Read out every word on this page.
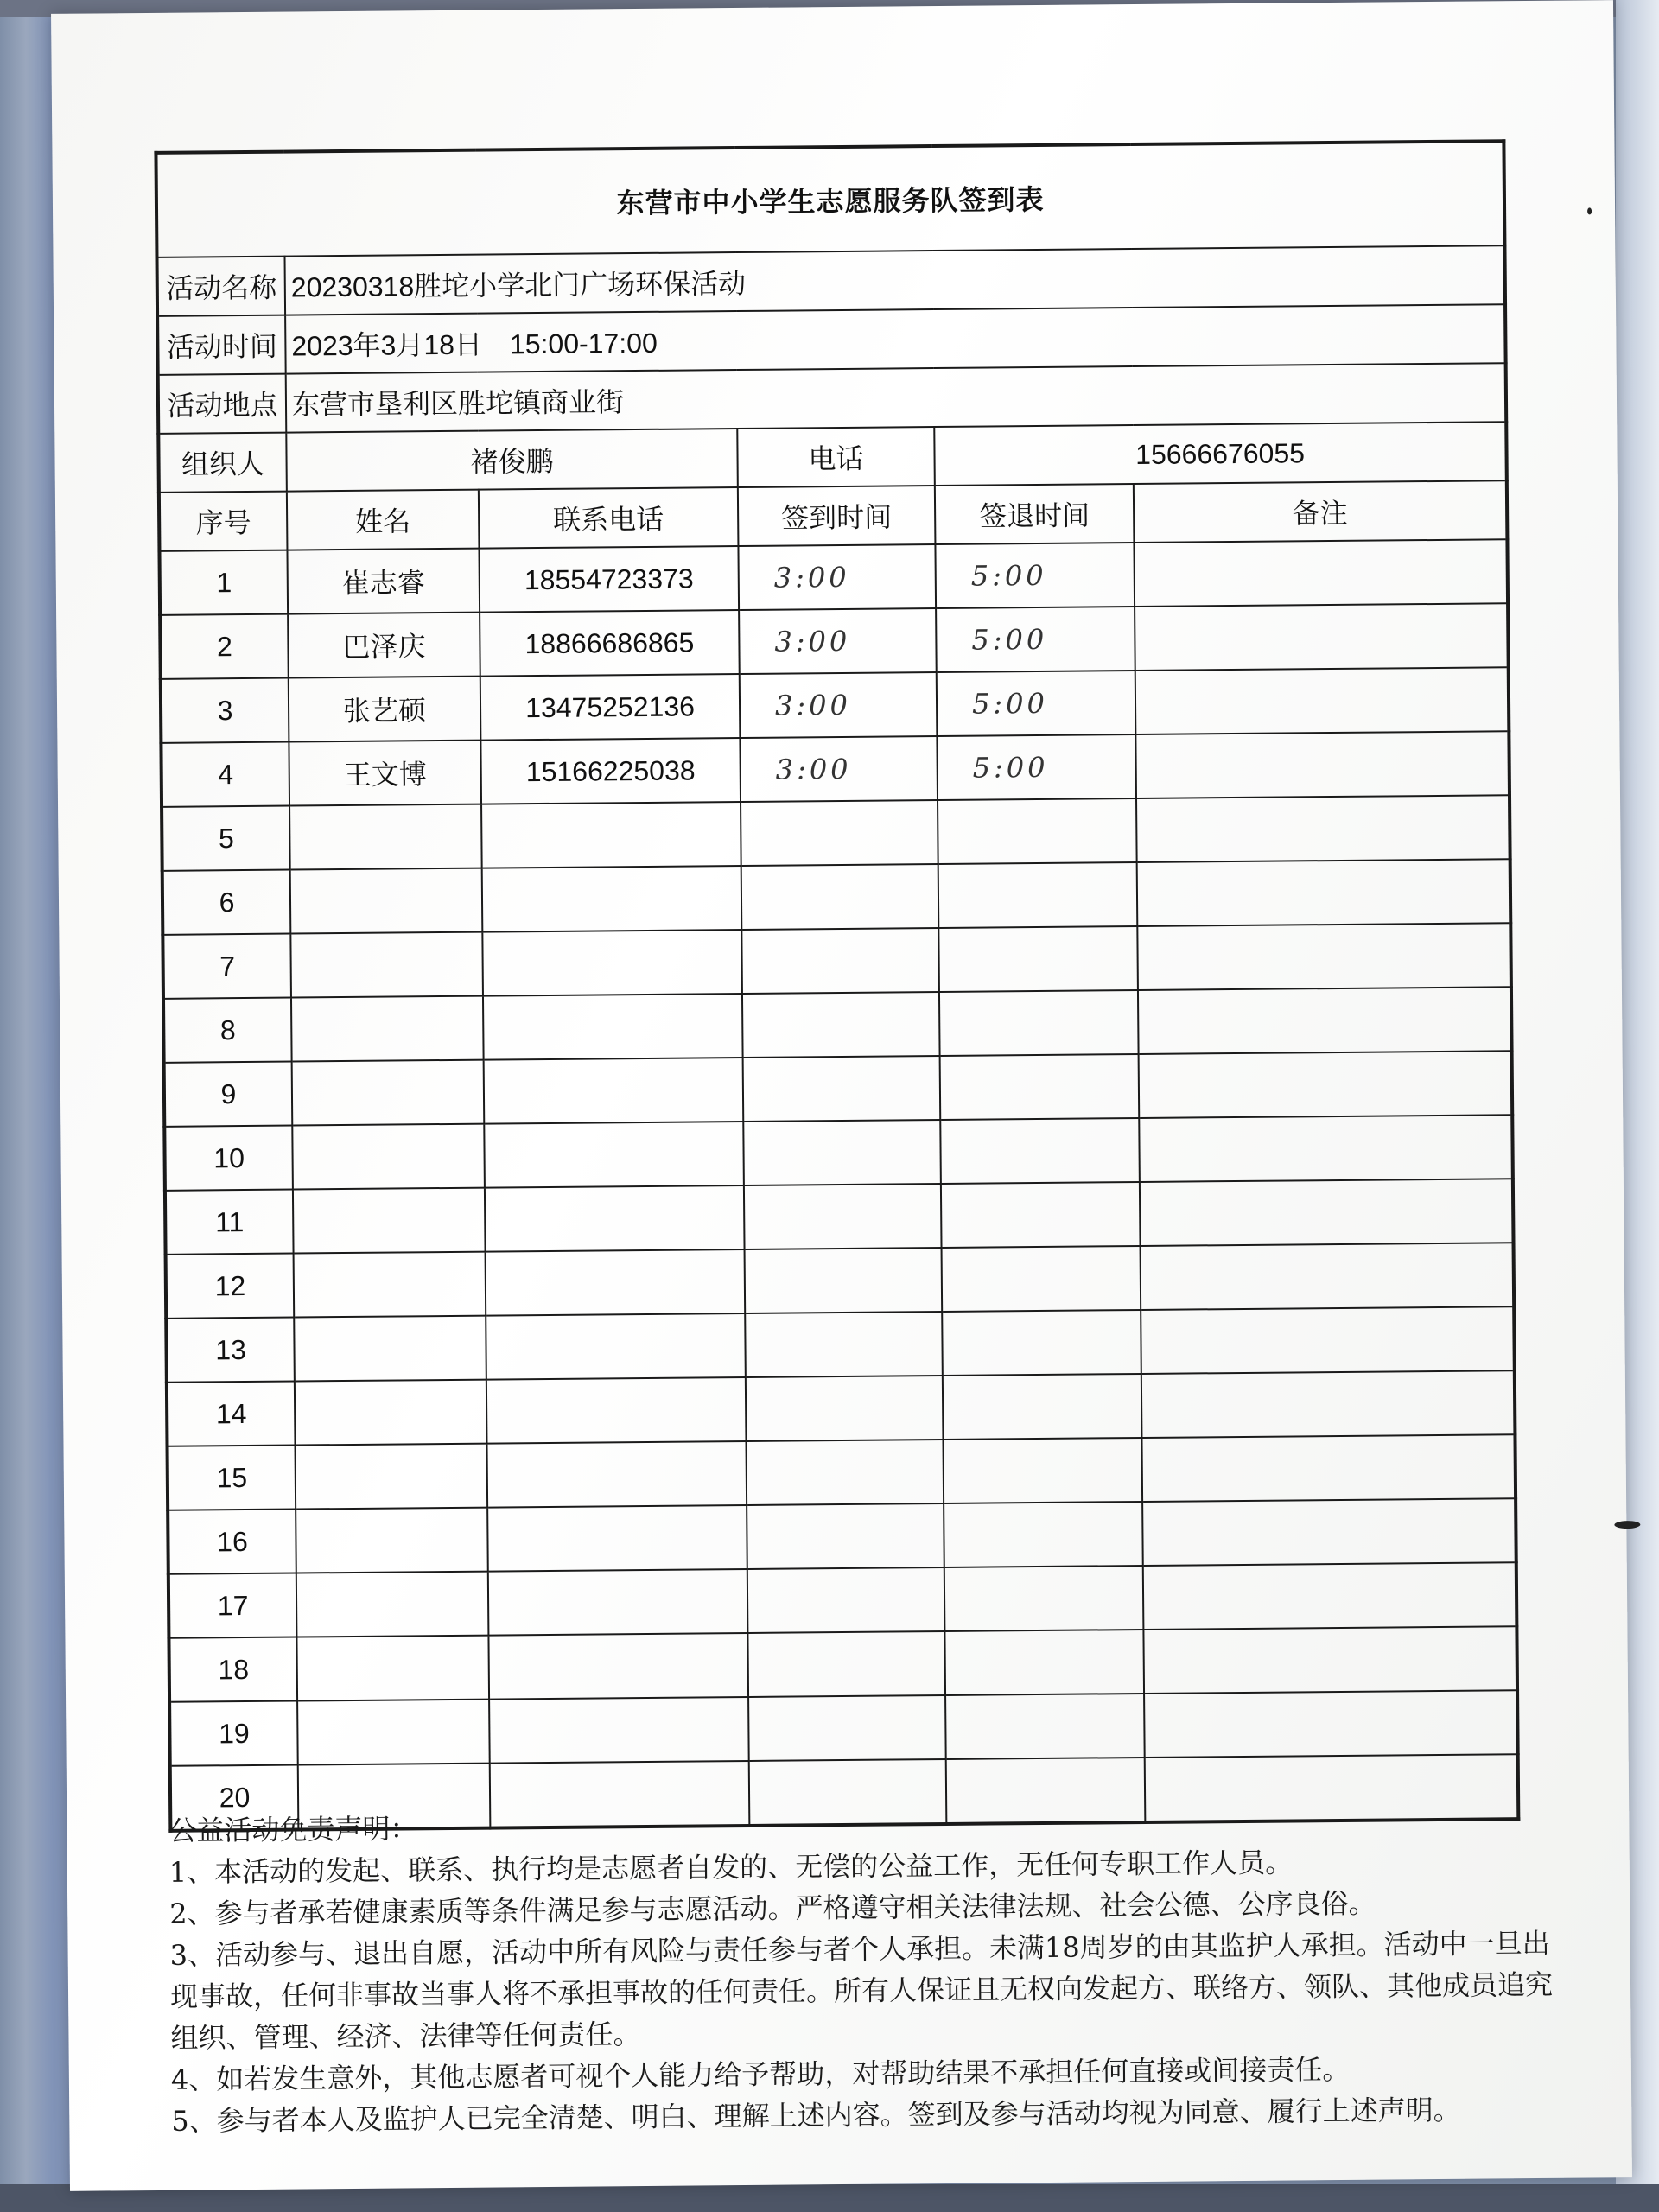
东营市中小学生志愿服务队签到表					
活动名称	20230318胜坨小学北门广场环保活动				
活动时间	2023年3月18日　15:00-17:00				
活动地点	东营市垦利区胜坨镇商业街				
组织人	褚俊鹏		电话	15666676055	
序号	姓名	联系电话	签到时间	签退时间	备注
1	崔志睿	18554723373	3:00	5:00	
2	巴泽庆	18866686865	3:00	5:00	
3	张艺硕	13475252136	3:00	5:00	
4	王文博	15166225038	3:00	5:00	
5					
6					
7					
8					
9					
10					
11					
12					
13					
14					
15					
16					
17					
18					
19					
20					

公益活动免责声明：

1、本活动的发起、联系、执行均是志愿者自发的、无偿的公益工作，无任何专职工作人员。

2、参与者承若健康素质等条件满足参与志愿活动。严格遵守相关法律法规、社会公德、公序良俗。

3、活动参与、退出自愿，活动中所有风险与责任参与者个人承担。未满18周岁的由其监护人承担。活动中一旦出现事故，任何非事故当事人将不承担事故的任何责任。所有人保证且无权向发起方、联络方、领队、其他成员追究组织、管理、经济、法律等任何责任。

4、如若发生意外，其他志愿者可视个人能力给予帮助，对帮助结果不承担任何直接或间接责任。

5、参与者本人及监护人已完全清楚、明白、理解上述内容。签到及参与活动均视为同意、履行上述声明。
